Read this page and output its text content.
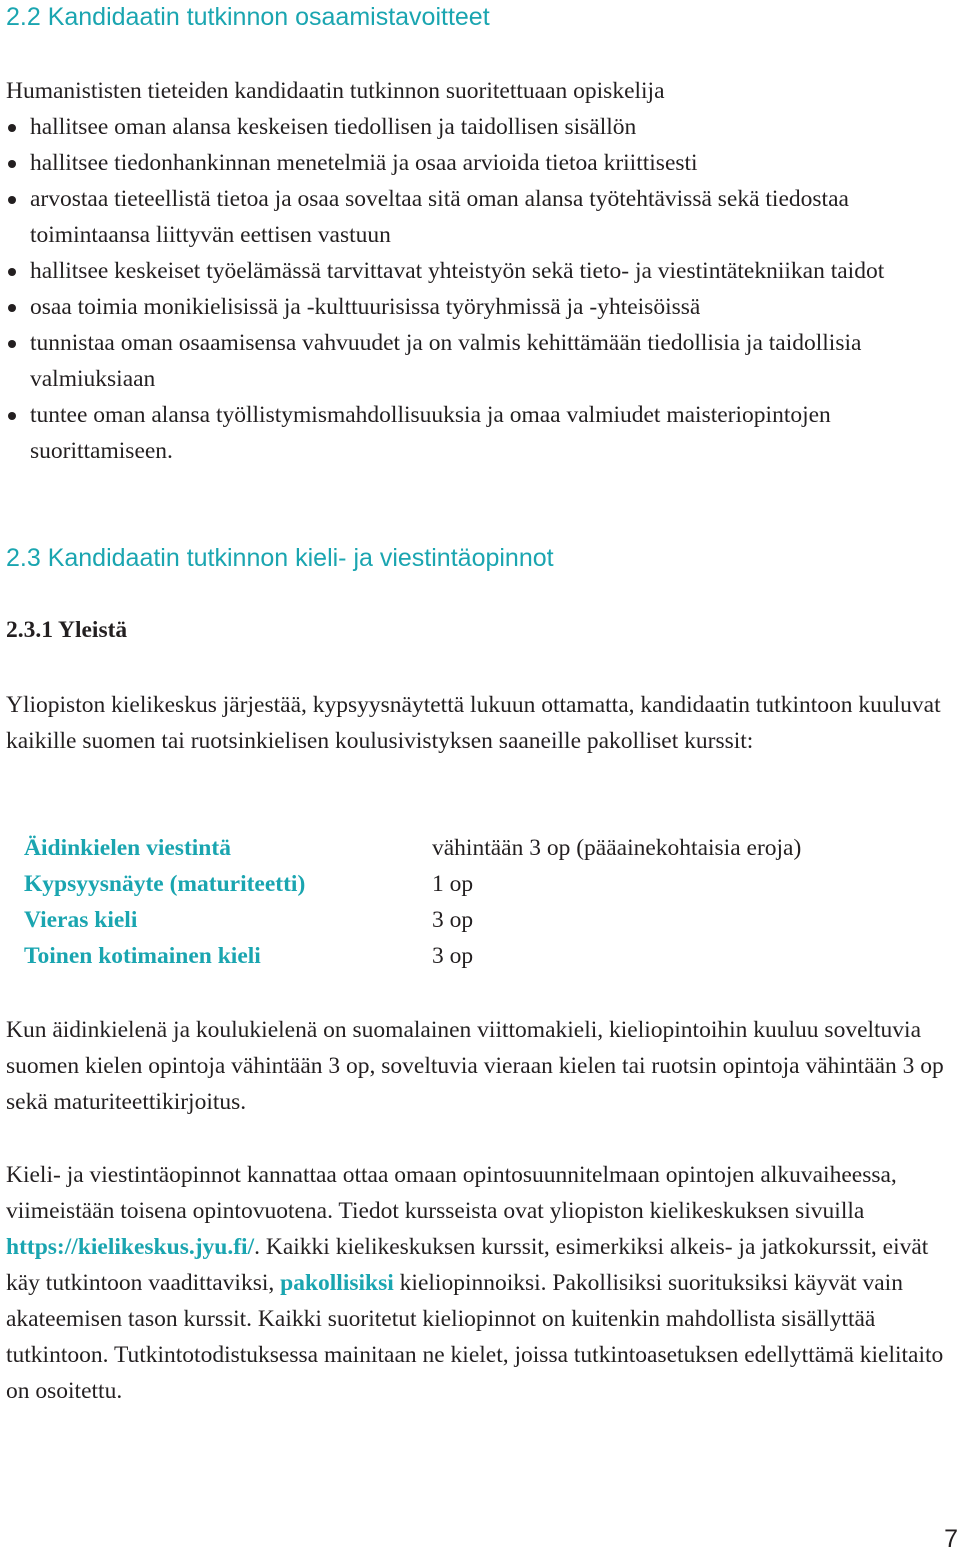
2.2 Kandidaatin tutkinnon osaamistavoitteet

Humanististen tieteiden kandidaatin tutkinnon suoritettuaan opiskelija

hallitsee oman alansa keskeisen tiedollisen ja taidollisen sisällön
hallitsee tiedonhankinnan menetelmiä ja osaa arvioida tietoa kriittisesti
arvostaa tieteellistä tietoa ja osaa soveltaa sitä oman alansa työtehtävissä sekä tiedostaa toimintaansa liittyvän eettisen vastuun
hallitsee keskeiset työelämässä tarvittavat yhteistyön sekä tieto- ja viestintätekniikan taidot
osaa toimia monikielisissä ja -kulttuurisissa työryhmissä ja -yhteisöissä
tunnistaa oman osaamisensa vahvuudet ja on valmis kehittämään tiedollisia ja taidollisia valmiuksiaan
tuntee oman alansa työllistymismahdollisuuksia ja omaa valmiudet maisteriopintojen suorittamiseen.
2.3 Kandidaatin tutkinnon kieli- ja viestintäopinnot
2.3.1 Yleistä

Yliopiston kielikeskus järjestää, kypsyysnäytettä lukuun ottamatta, kandidaatin tutkintoon kuuluvat kaikille suomen tai ruotsinkielisen koulusivistyksen saaneille pakolliset kurssit:

Äidinkielen viestintä	vähintään 3 op (pääainekohtaisia eroja)
Kypsyysnäyte (maturiteetti)	1 op
Vieras kieli	3 op
Toinen kotimainen kieli	3 op

Kun äidinkielenä ja koulukielenä on suomalainen viittomakieli, kieliopintoihin kuuluu soveltuvia suomen kielen opintoja vähintään 3 op, soveltuvia vieraan kielen tai ruotsin opintoja vähintään 3 op sekä maturiteettikirjoitus.

Kieli- ja viestintäopinnot kannattaa ottaa omaan opintosuunnitelmaan opintojen alkuvaiheessa, viimeistään toisena opintovuotena. Tiedot kursseista ovat yliopiston kielikeskuksen sivuilla https://kielikeskus.jyu.fi/. Kaikki kielikeskuksen kurssit, esimerkiksi alkeis- ja jatkokurssit, eivät käy tutkintoon vaadittaviksi, pakollisiksi kieliopinnoiksi. Pakollisiksi suorituksiksi käyvät vain akateemisen tason kurssit. Kaikki suoritetut kieliopinnot on kuitenkin mahdollista sisällyttää tutkintoon. Tutkintotodistuksessa mainitaan ne kielet, joissa tutkintoasetuksen edellyttämä kielitaito on osoitettu.

7
